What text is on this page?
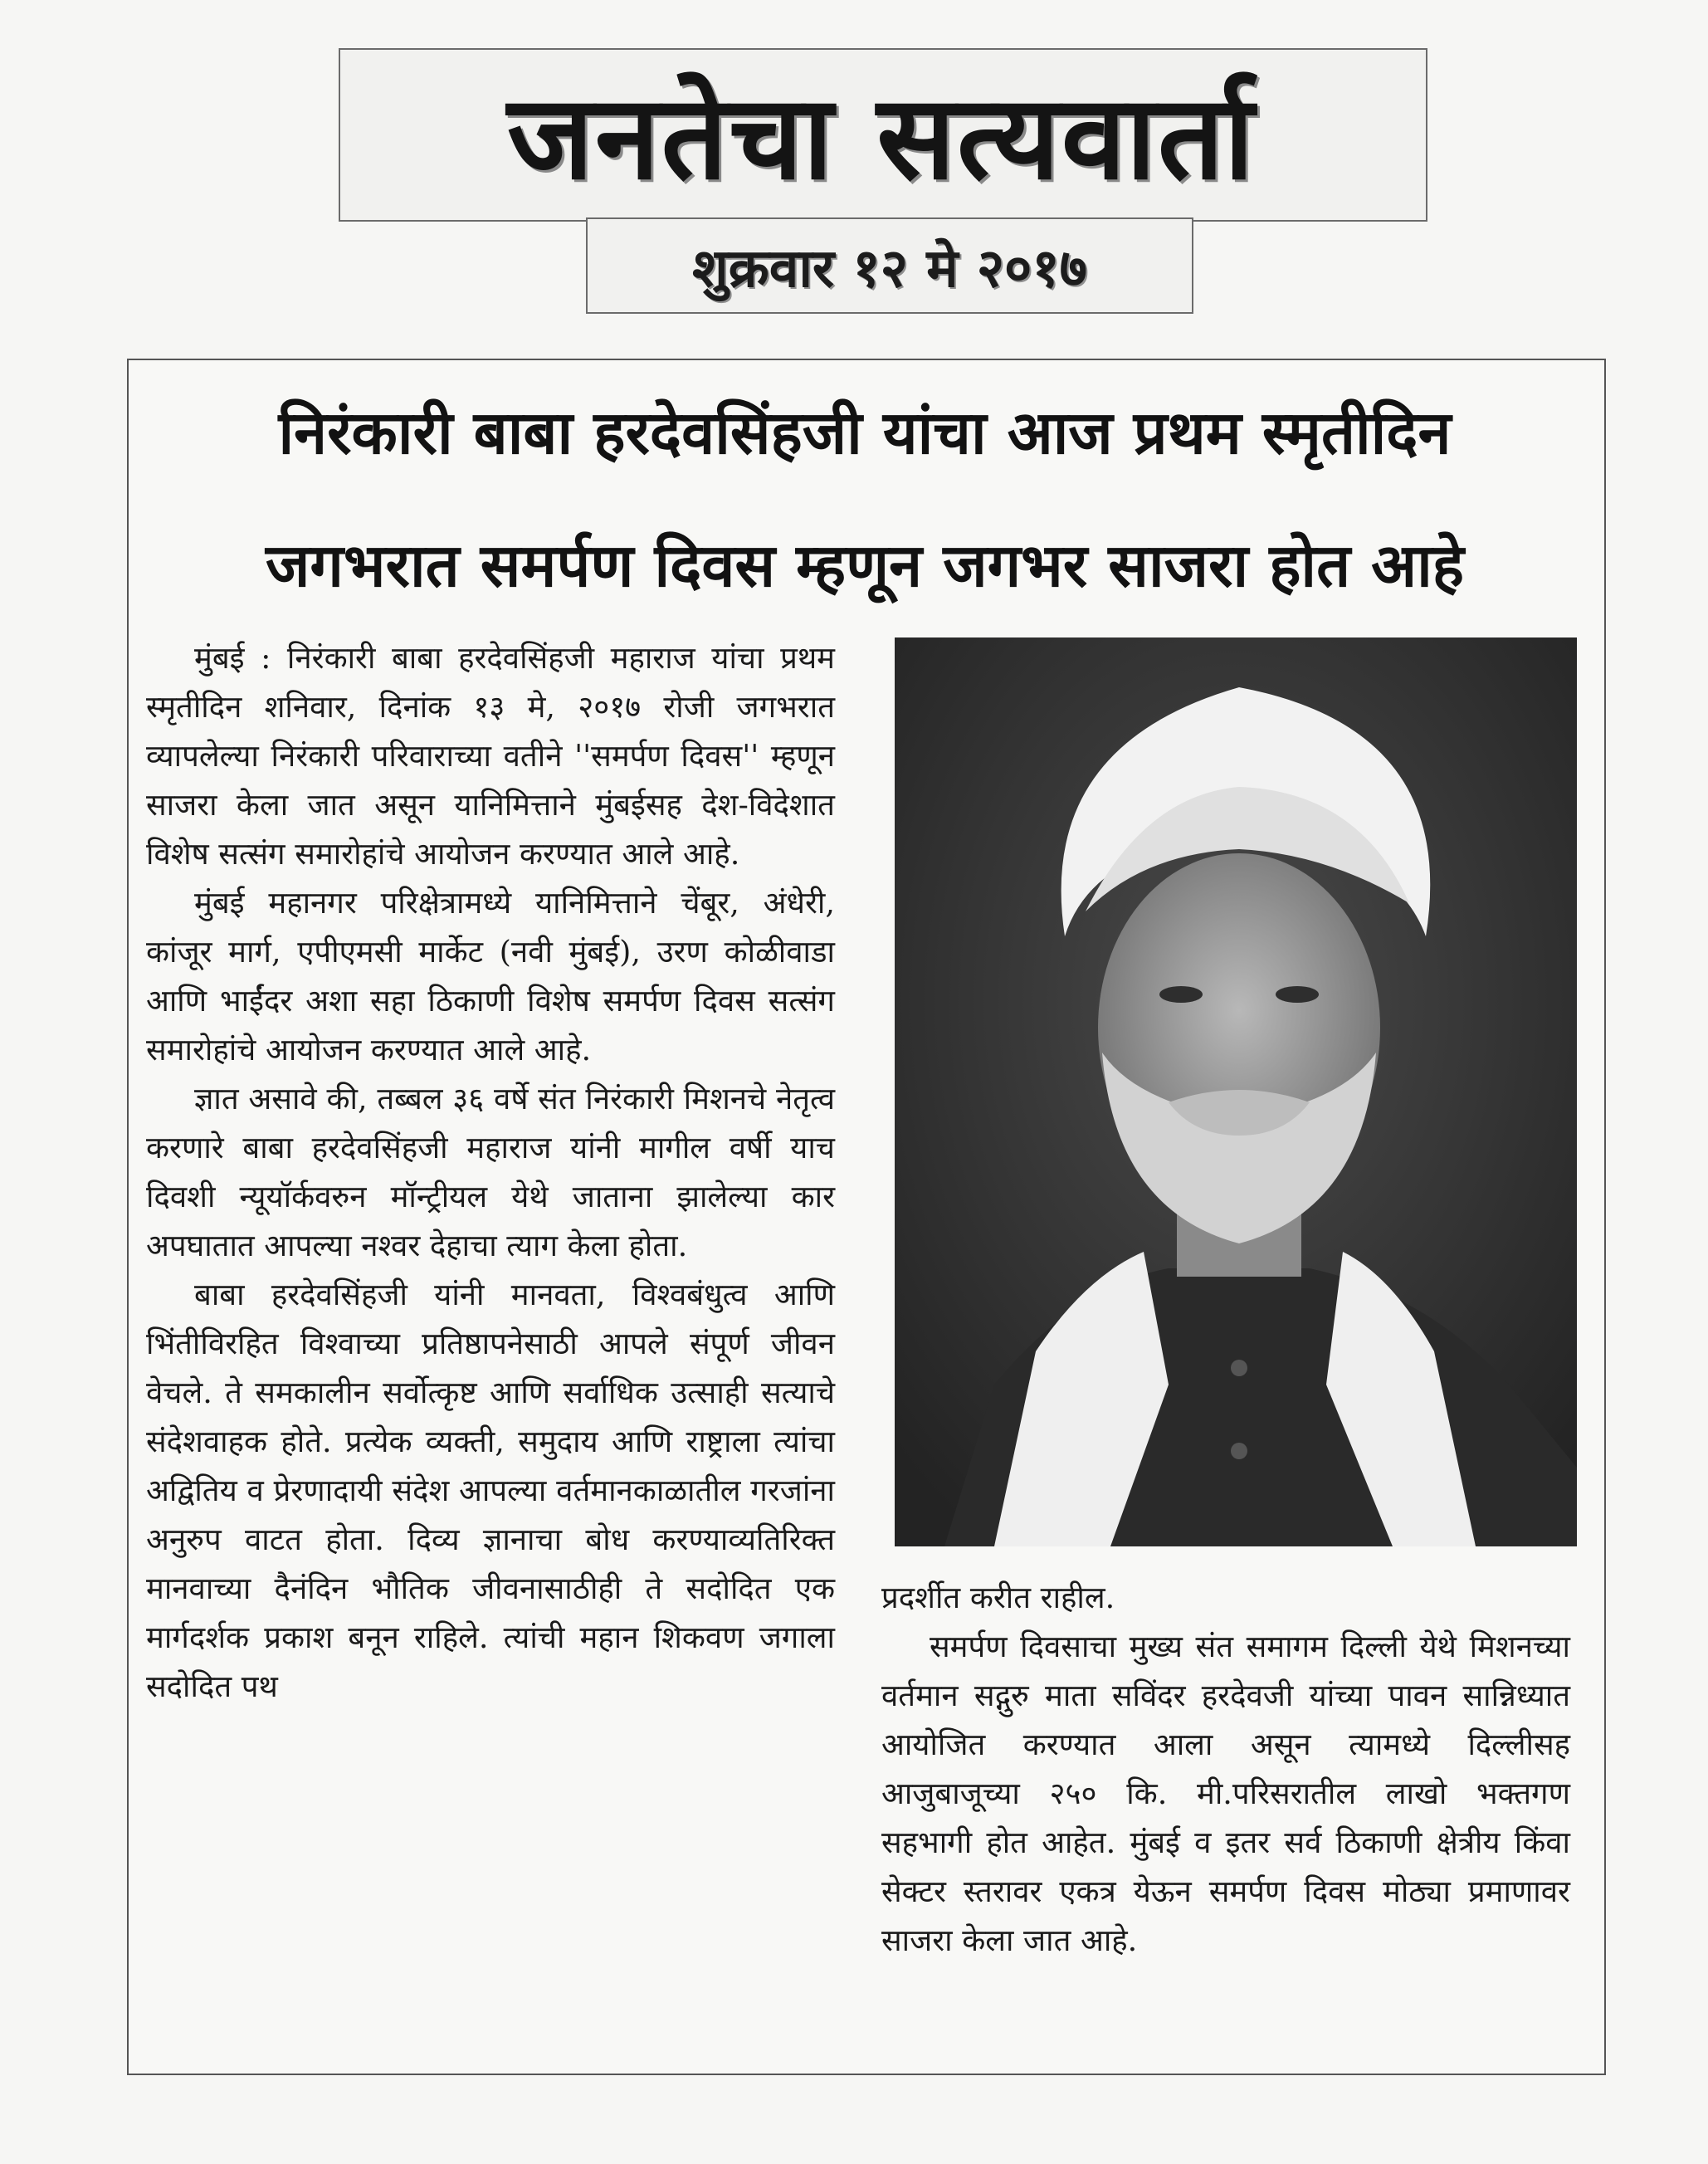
जनतेचा सत्यवार्ता
शुक्रवार १२ मे २०१७
निरंकारी बाबा हरदेवसिंहजी यांचा आज प्रथम स्मृतीदिन
जगभरात समर्पण दिवस म्हणून जगभर साजरा होत आहे

मुंबई : निरंकारी बाबा हरदेवसिंहजी महाराज यांचा प्रथम स्मृतीदिन शनिवार, दिनांक १३ मे, २०१७ रोजी जगभरात व्यापलेल्या निरंकारी परिवाराच्या वतीने ''समर्पण दिवस'' म्हणून साजरा केला जात असून यानिमित्ताने मुंबईसह देश-विदेशात विशेष सत्संग समारोहांचे आयोजन करण्यात आले आहे.

मुंबई महानगर परिक्षेत्रामध्ये यानिमित्ताने चेंबूर, अंधेरी, कांजूर मार्ग, एपीएमसी मार्केट (नवी मुंबई), उरण कोळीवाडा आणि भाईंदर अशा सहा ठिकाणी विशेष समर्पण दिवस सत्संग समारोहांचे आयोजन करण्यात आले आहे.

ज्ञात असावे की, तब्बल ३६ वर्षे संत निरंकारी मिशनचे नेतृत्व करणारे बाबा हरदेवसिंहजी महाराज यांनी मागील वर्षी याच दिवशी न्यूयॉर्कवरुन मॉन्ट्रीयल येथे जाताना झालेल्या कार अपघातात आपल्या नश्वर देहाचा त्याग केला होता.

बाबा हरदेवसिंहजी यांनी मानवता, विश्वबंधुत्व आणि भिंतीविरहित विश्वाच्या प्रतिष्ठापनेसाठी आपले संपूर्ण जीवन वेचले. ते समकालीन सर्वोत्कृष्ट आणि सर्वाधिक उत्साही सत्याचे संदेशवाहक होते. प्रत्येक व्यक्ती, समुदाय आणि राष्ट्राला त्यांचा अद्वितिय व प्रेरणादायी संदेश आपल्या वर्तमानकाळातील गरजांना अनुरुप वाटत होता. दिव्य ज्ञानाचा बोध करण्याव्यतिरिक्त मानवाच्या दैनंदिन भौतिक जीवनासाठीही ते सदोदित एक मार्गदर्शक प्रकाश बनून राहिले. त्यांची महान शिकवण जगाला सदोदित पथ

प्रदर्शीत करीत राहील.

समर्पण दिवसाचा मुख्य संत समागम दिल्ली येथे मिशनच्या वर्तमान सद्गुरु माता सविंदर हरदेवजी यांच्या पावन सान्निध्यात आयोजित करण्यात आला असून त्यामध्ये दिल्लीसह आजुबाजूच्या २५० कि. मी.परिसरातील लाखो भक्तगण सहभागी होत आहेत. मुंबई व इतर सर्व ठिकाणी क्षेत्रीय किंवा सेक्टर स्तरावर एकत्र येऊन समर्पण दिवस मोठ्या प्रमाणावर साजरा केला जात आहे.
